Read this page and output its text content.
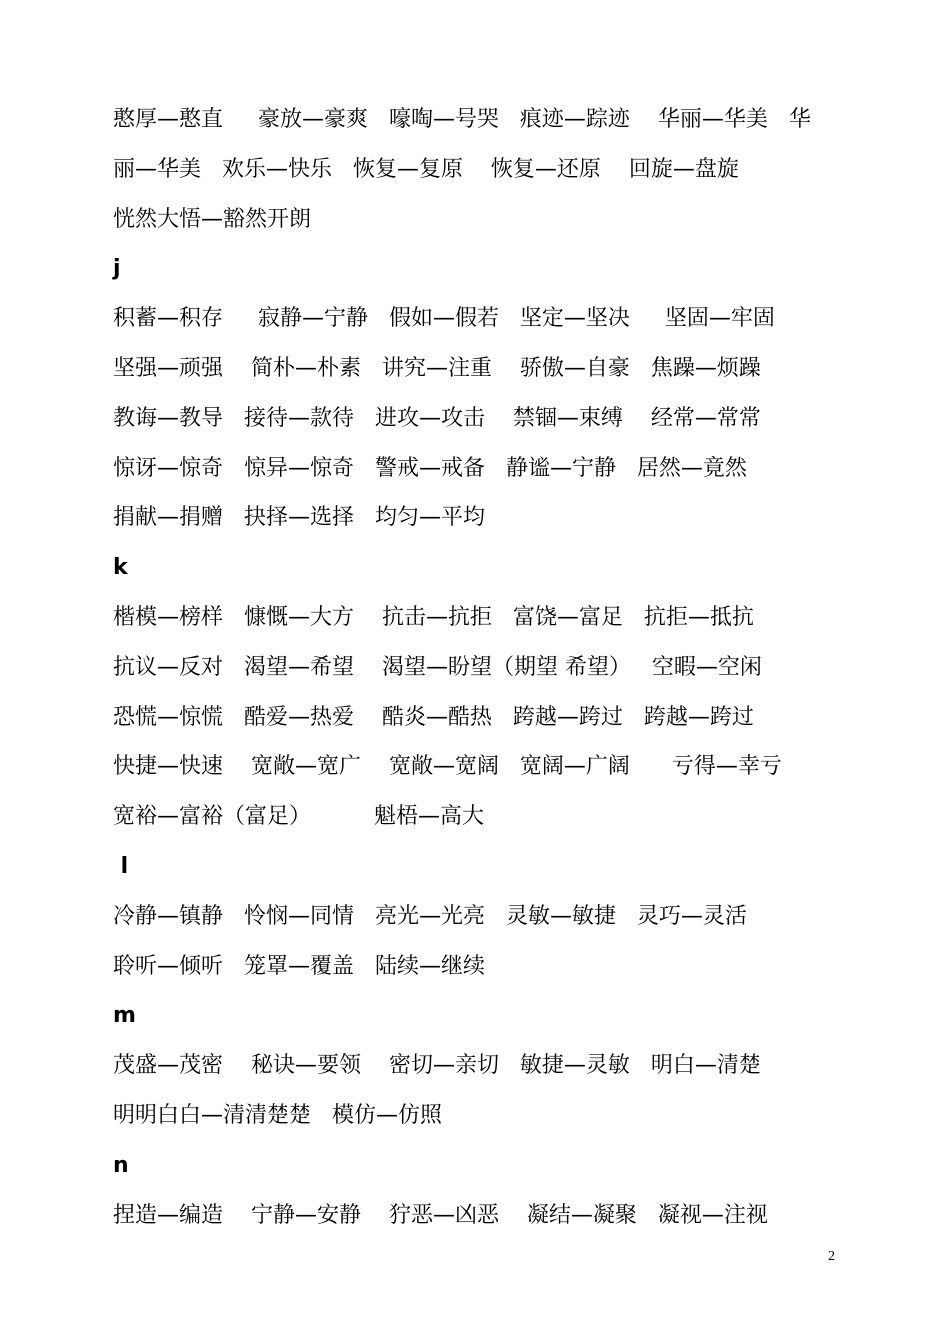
憨厚—憨直     豪放—豪爽   嚎啕—号哭   痕迹—踪迹    华丽—华美   华
丽—华美   欢乐—快乐   恢复—复原    恢复—还原    回旋—盘旋
恍然大悟—豁然开朗
j
积蓄—积存     寂静—宁静   假如—假若   坚定—坚决     坚固—牢固
坚强—顽强    简朴—朴素   讲究—注重    骄傲—自豪   焦躁—烦躁
教诲—教导   接待—款待   进攻—攻击    禁锢—束缚    经常—常常
惊讶—惊奇   惊异—惊奇   警戒—戒备   静谧—宁静   居然—竟然
捐献—捐赠   抉择—选择   均匀—平均
k
楷模—榜样   慷慨—大方    抗击—抗拒   富饶—富足   抗拒—抵抗
抗议—反对   渴望—希望    渴望—盼望（期望 希望）   空暇—空闲
恐慌—惊慌   酷爱—热爱    酷炎—酷热   跨越—跨过   跨越—跨过
快捷—快速    宽敞—宽广    宽敞—宽阔   宽阔—广阔      亏得—幸亏
宽裕—富裕（富足）         魁梧—高大
l
冷静—镇静   怜悯—同情   亮光—光亮   灵敏—敏捷   灵巧—灵活
聆听—倾听   笼罩—覆盖   陆续—继续
m
茂盛—茂密    秘诀—要领    密切—亲切   敏捷—灵敏   明白—清楚
明明白白—清清楚楚   模仿—仿照
n
捏造—编造    宁静—安静    狞恶—凶恶    凝结—凝聚   凝视—注视
2
